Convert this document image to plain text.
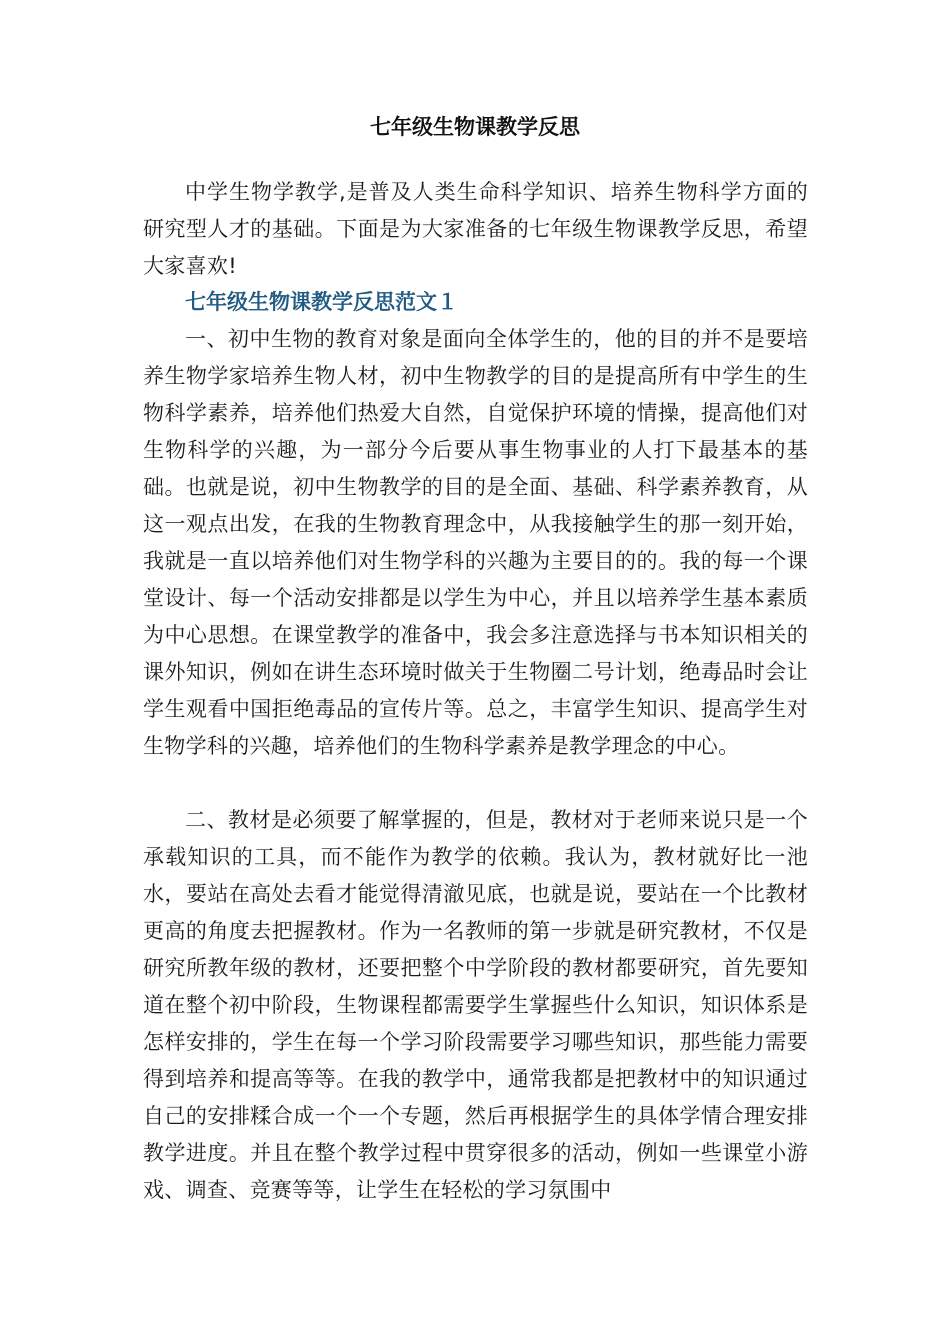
七年级生物课教学反思

中学生物学教学,是普及人类生命科学知识、培养生物科学方面的研究型人才的基础。下面是为大家准备的七年级生物课教学反思，希望大家喜欢!

七年级生物课教学反思范文１

一、初中生物的教育对象是面向全体学生的，他的目的并不是要培养生物学家培养生物人材，初中生物教学的目的是提高所有中学生的生物科学素养，培养他们热爱大自然，自觉保护环境的情操，提高他们对生物科学的兴趣，为一部分今后要从事生物事业的人打下最基本的基础。也就是说，初中生物教学的目的是全面、基础、科学素养教育，从这一观点出发，在我的生物教育理念中，从我接触学生的那一刻开始，我就是一直以培养他们对生物学科的兴趣为主要目的的。我的每一个课堂设计、每一个活动安排都是以学生为中心，并且以培养学生基本素质为中心思想。在课堂教学的准备中，我会多注意选择与书本知识相关的课外知识，例如在讲生态环境时做关于生物圈二号计划，绝毒品时会让学生观看中国拒绝毒品的宣传片等。总之，丰富学生知识、提高学生对生物学科的兴趣，培养他们的生物科学素养是教学理念的中心。

二、教材是必须要了解掌握的，但是，教材对于老师来说只是一个承载知识的工具，而不能作为教学的依赖。我认为，教材就好比一池水，要站在高处去看才能觉得清澈见底，也就是说，要站在一个比教材更高的角度去把握教材。作为一名教师的第一步就是研究教材，不仅是研究所教年级的教材，还要把整个中学阶段的教材都要研究，首先要知道在整个初中阶段，生物课程都需要学生掌握些什么知识，知识体系是怎样安排的，学生在每一个学习阶段需要学习哪些知识，那些能力需要得到培养和提高等等。在我的教学中，通常我都是把教材中的知识通过自己的安排糅合成一个一个专题，然后再根据学生的具体学情合理安排教学进度。并且在整个教学过程中贯穿很多的活动，例如一些课堂小游戏、调查、竞赛等等，让学生在轻松的学习氛围中
